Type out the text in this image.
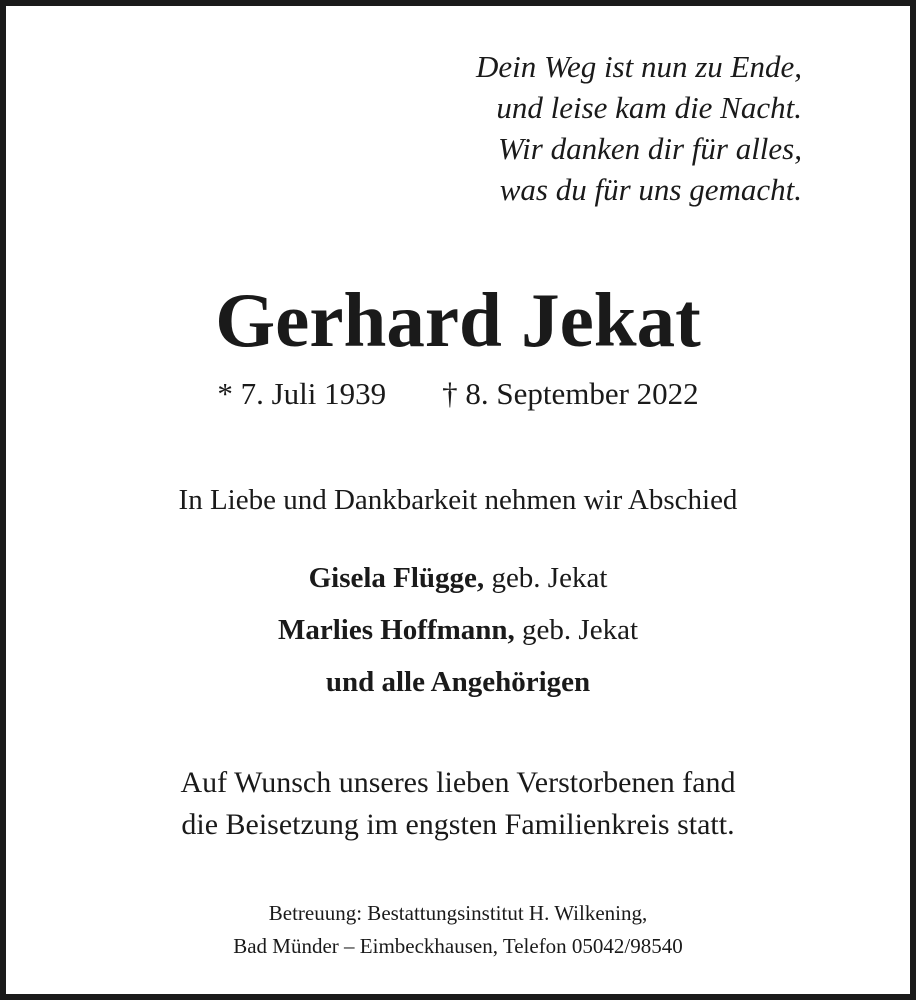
Dein Weg ist nun zu Ende,
und leise kam die Nacht.
Wir danken dir für alles,
was du für uns gemacht.
Gerhard Jekat
* 7. Juli 1939 † 8. September 2022
In Liebe und Dankbarkeit nehmen wir Abschied
Gisela Flügge, geb. Jekat
Marlies Hoffmann, geb. Jekat
und alle Angehörigen
Auf Wunsch unseres lieben Verstorbenen fand
die Beisetzung im engsten Familienkreis statt.
Betreuung: Bestattungsinstitut H. Wilkening,
Bad Münder – Eimbeckhausen, Telefon 05042/98540
